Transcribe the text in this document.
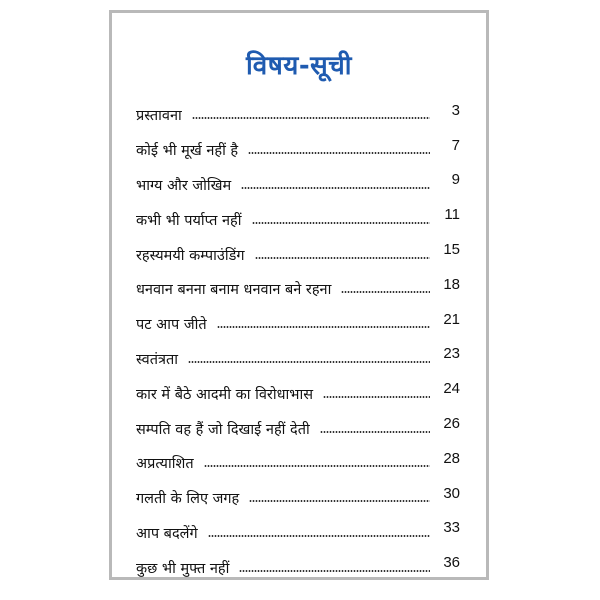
विषय-सूची
प्रस्तावना	3
कोई भी मूर्ख नहीं है	7
भाग्य और जोखिम	9
कभी भी पर्याप्त नहीं	11
रहस्यमयी कम्पाउंडिंग	15
धनवान बनना बनाम धनवान बने रहना	18
पट आप जीते	21
स्वतंत्रता	23
कार में बैठे आदमी का विरोधाभास	24
सम्पति वह हैं जो दिखाई नहीं देती	26
अप्रत्याशित	28
गलती के लिए जगह	30
आप बदलेंगे	33
कुछ भी मुफ्त नहीं	36
